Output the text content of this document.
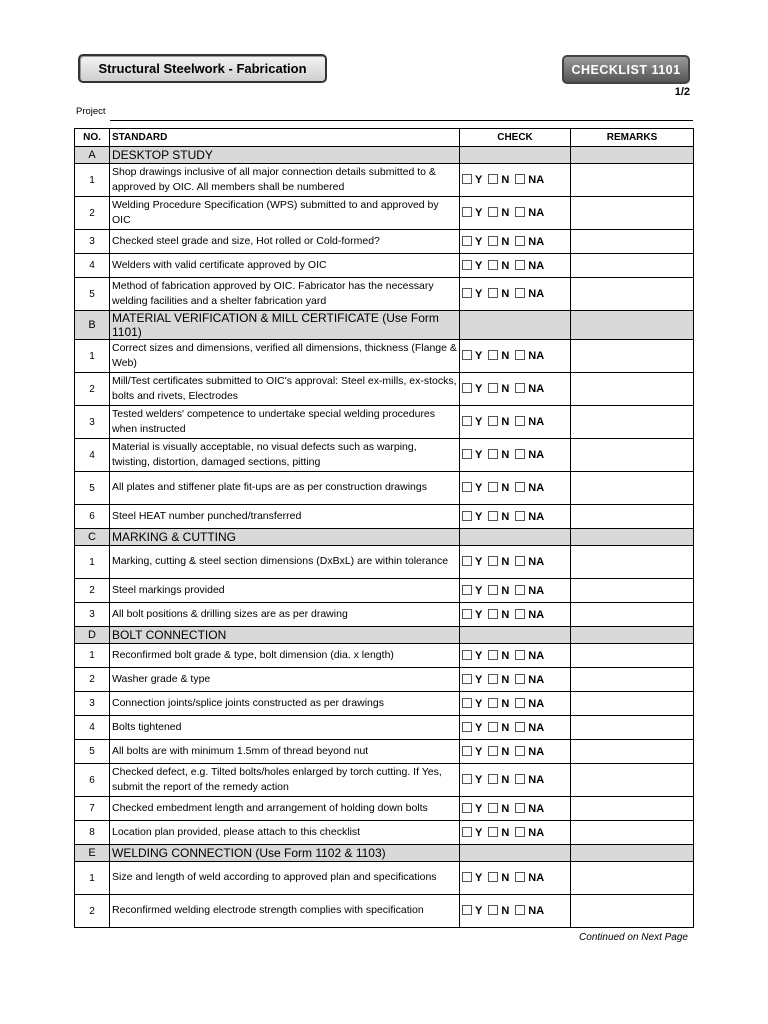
Structural Steelwork - Fabrication	CHECKLIST 1101
1/2
Project
NO.	STANDARD	CHECK	REMARKS
A	DESKTOP STUDY		
1	Shop drawings inclusive of all major connection details submitted to & approved by OIC. All members shall be numbered	Y N NA	
2	Welding Procedure Specification (WPS) submitted to and approved by OIC	Y N NA	
3	Checked steel grade and size, Hot rolled or Cold-formed?	Y N NA	
4	Welders with valid certificate approved by OIC	Y N NA	
5	Method of fabrication approved by OIC. Fabricator has the necessary welding facilities and a shelter fabrication yard	Y N NA	
B	MATERIAL VERIFICATION & MILL CERTIFICATE (Use Form 1101)		
1	Correct sizes and dimensions, verified all dimensions, thickness (Flange & Web)	Y N NA	
2	Mill/Test certificates submitted to OIC's approval: Steel ex-mills, ex-stocks, bolts and rivets, Electrodes	Y N NA	
3	Tested welders' competence to undertake special welding procedures when instructed	Y N NA	
4	Material is visually acceptable, no visual defects such as warping, twisting, distortion, damaged sections, pitting	Y N NA	
5	All plates and stiffener plate fit-ups are as per construction drawings	Y N NA	
6	Steel HEAT number punched/transferred	Y N NA	
C	MARKING & CUTTING		
1	Marking, cutting & steel section dimensions (DxBxL) are within tolerance	Y N NA	
2	Steel markings provided	Y N NA	
3	All bolt positions & drilling sizes are as per drawing	Y N NA	
D	BOLT CONNECTION		
1	Reconfirmed bolt grade & type, bolt dimension (dia. x length)	Y N NA	
2	Washer grade & type	Y N NA	
3	Connection joints/splice joints constructed as per drawings	Y N NA	
4	Bolts tightened	Y N NA	
5	All bolts are with minimum 1.5mm of thread beyond nut	Y N NA	
6	Checked defect, e.g. Tilted bolts/holes enlarged by torch cutting. If Yes, submit the report of the remedy action	Y N NA	
7	Checked embedment length and arrangement of holding down bolts	Y N NA	
8	Location plan provided, please attach to this checklist	Y N NA	
E	WELDING CONNECTION (Use Form 1102 & 1103)		
1	Size and length of weld according to approved plan and specifications	Y N NA	
2	Reconfirmed welding electrode strength complies with specification	Y N NA	
Continued on Next Page
